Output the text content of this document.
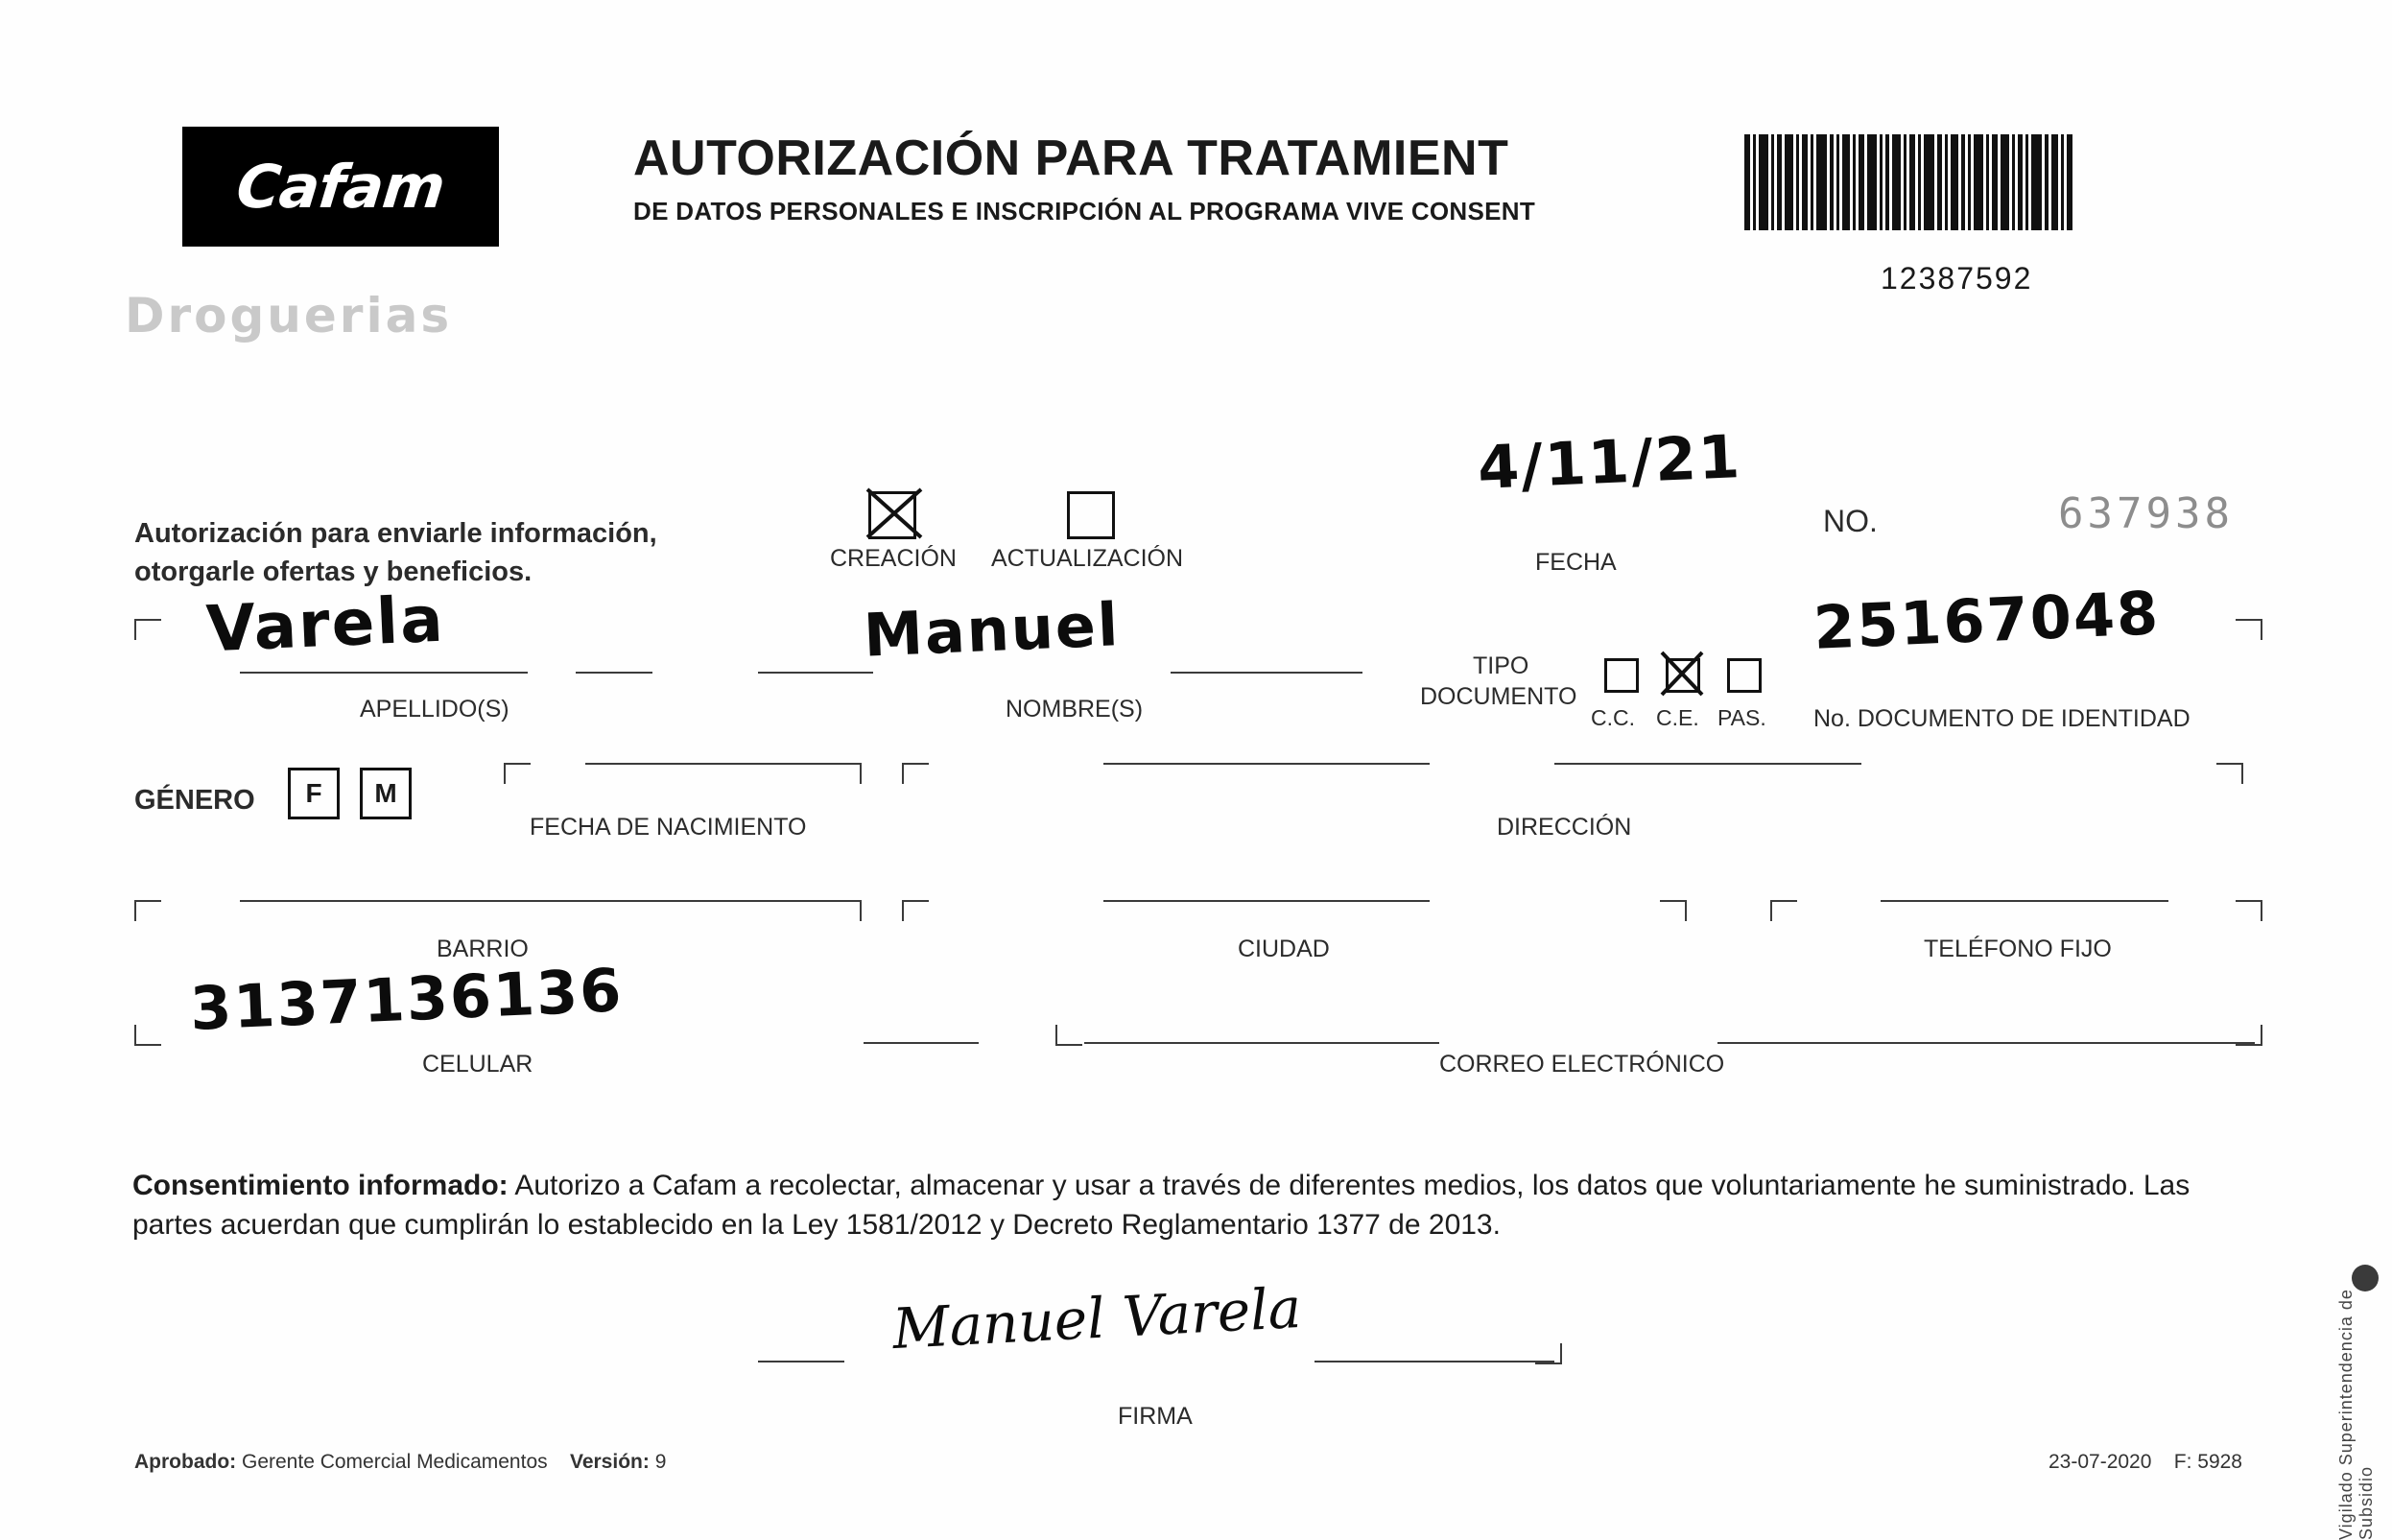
Cafam
Droguerias
AUTORIZACIÓN PARA TRATAMIENT
DE DATOS PERSONALES E INSCRIPCIÓN AL PROGRAMA VIVE CONSENT
12387592
Autorización para enviarle información,
otorgarle ofertas y beneficios.	CREACIÓN ACTUALIZACIÓN
4/11/21
FECHA
NO.	637938
Varela
APELLIDO(S)
Manuel
NOMBRE(S)
TIPO
DOCUMENTO
C.C. C.E. PAS.
25167048
No. DOCUMENTO DE IDENTIDAD
GÉNERO	F	M
FECHA DE NACIMIENTO	DIRECCIÓN
BARRIO	CIUDAD	TELÉFONO FIJO
3137136136
CELULAR	CORREO ELECTRÓNICO
Consentimiento informado: Autorizo a Cafam a recolectar, almacenar y usar a través de diferentes medios, los datos que voluntariamente he suministrado. Las partes acuerdan que cumplirán lo establecido en la Ley 1581/2012 y Decreto Reglamentario 1377 de 2013.
Manuel Varela
FIRMA
Aprobado: Gerente Comercial Medicamentos Versión: 9	23-07-2020 F: 5928	Vigilado Superintendencia de Subsidio
